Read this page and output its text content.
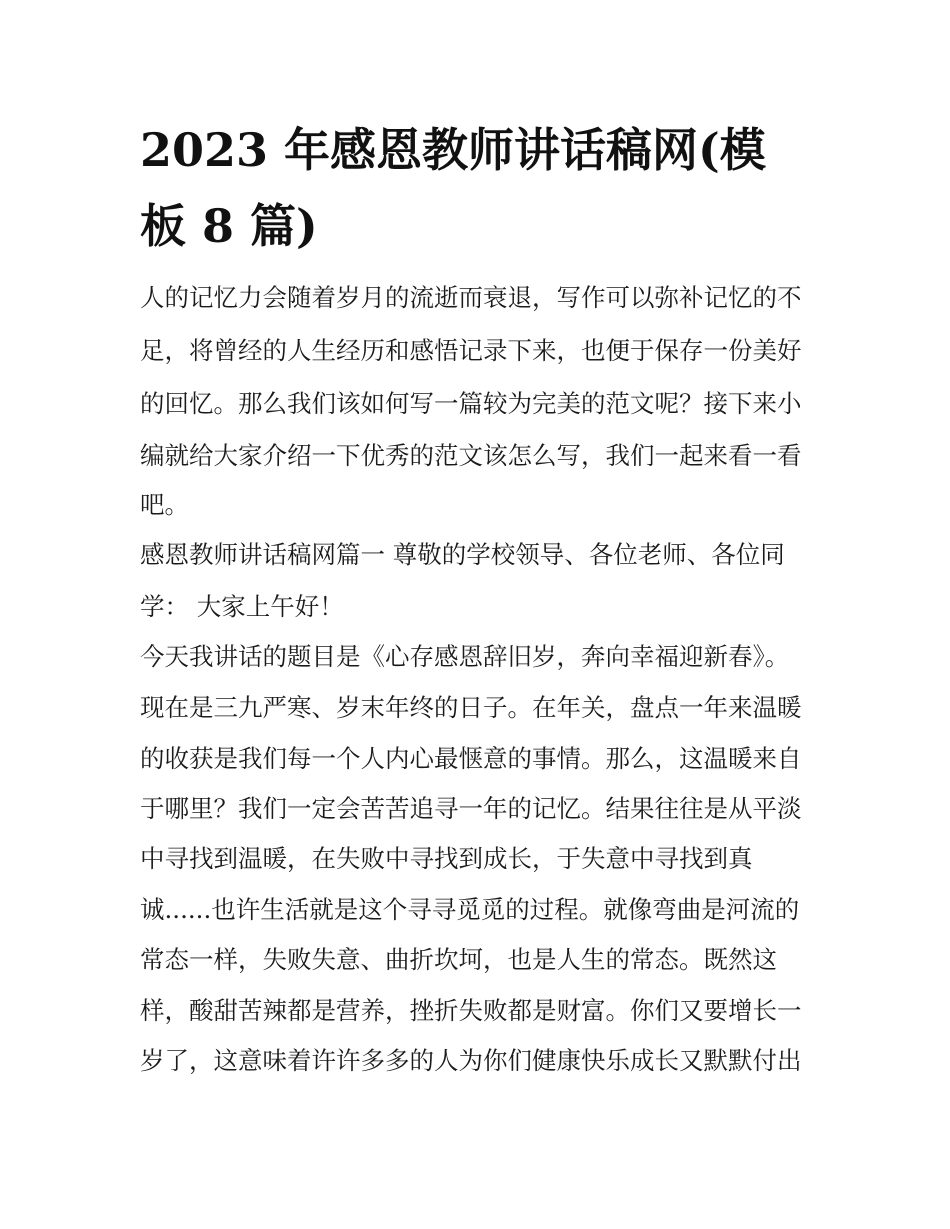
2023 年感恩教师讲话稿网(模
板 8 篇)
人的记忆力会随着岁月的流逝而衰退，写作可以弥补记忆的不
足，将曾经的人生经历和感悟记录下来，也便于保存一份美好
的回忆。那么我们该如何写一篇较为完美的范文呢？接下来小
编就给大家介绍一下优秀的范文该怎么写，我们一起来看一看
吧。
感恩教师讲话稿网篇一 尊敬的学校领导、各位老师、各位同
学： 大家上午好！
今天我讲话的题目是《心存感恩辞旧岁，奔向幸福迎新春》。
现在是三九严寒、岁末年终的日子。在年关，盘点一年来温暖
的收获是我们每一个人内心最惬意的事情。那么，这温暖来自
于哪里？我们一定会苦苦追寻一年的记忆。结果往往是从平淡
中寻找到温暖，在失败中寻找到成长，于失意中寻找到真
诚......也许生活就是这个寻寻觅觅的过程。就像弯曲是河流的
常态一样，失败失意、曲折坎坷，也是人生的常态。既然这
样，酸甜苦辣都是营养，挫折失败都是财富。你们又要增长一
岁了，这意味着许许多多的人为你们健康快乐成长又默默付出
